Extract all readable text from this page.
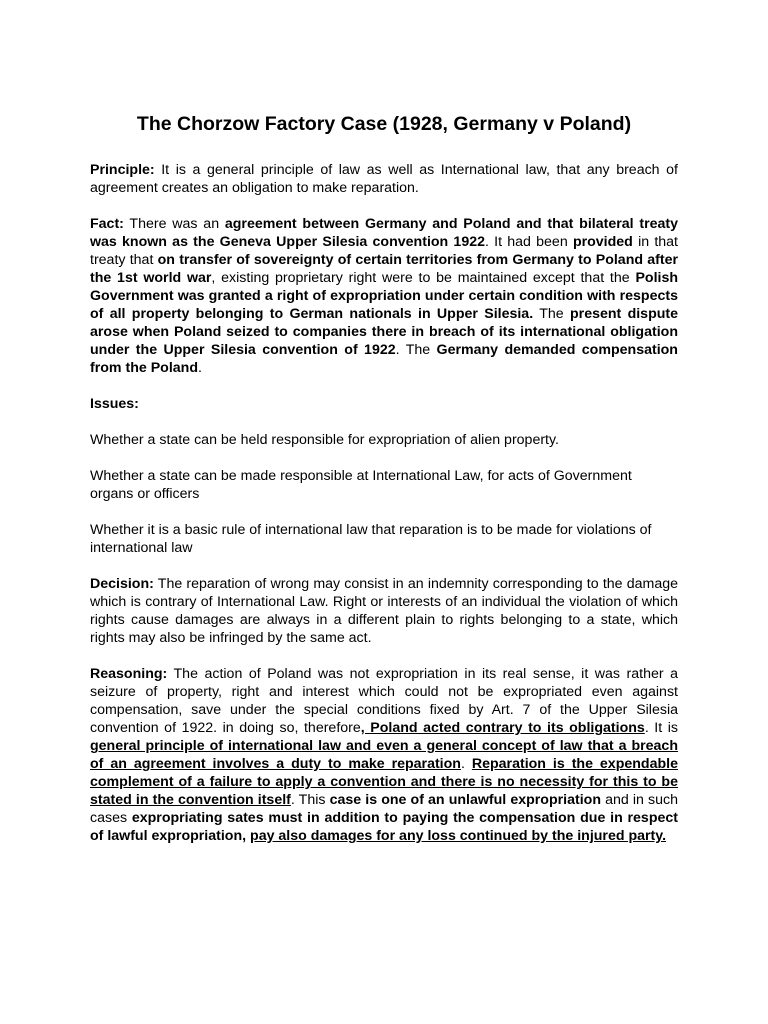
The Chorzow Factory Case (1928, Germany v Poland)

Principle: It is a general principle of law as well as International law, that any breach of agreement creates an obligation to make reparation.

Fact: There was an agreement between Germany and Poland and that bilateral treaty was known as the Geneva Upper Silesia convention 1922. It had been provided in that treaty that on transfer of sovereignty of certain territories from Germany to Poland after the 1st world war, existing proprietary right were to be maintained except that the Polish Government was granted a right of expropriation under certain condition with respects of all property belonging to German nationals in Upper Silesia. The present dispute arose when Poland seized to companies there in breach of its international obligation under the Upper Silesia convention of 1922. The Germany demanded compensation from the Poland.

Issues:

Whether a state can be held responsible for expropriation of alien property.

Whether a state can be made responsible at International Law, for acts of Government organs or officers

Whether it is a basic rule of international law that reparation is to be made for violations of international law

Decision: The reparation of wrong may consist in an indemnity corresponding to the damage which is contrary of International Law. Right or interests of an individual the violation of which rights cause damages are always in a different plain to rights belonging to a state, which rights may also be infringed by the same act.

Reasoning: The action of Poland was not expropriation in its real sense, it was rather a seizure of property, right and interest which could not be expropriated even against compensation, save under the special conditions fixed by Art. 7 of the Upper Silesia convention of 1922. in doing so, therefore, Poland acted contrary to its obligations. It is general principle of international law and even a general concept of law that a breach of an agreement involves a duty to make reparation. Reparation is the expendable complement of a failure to apply a convention and there is no necessity for this to be stated in the convention itself. This case is one of an unlawful expropriation and in such cases expropriating sates must in addition to paying the compensation due in respect of lawful expropriation, pay also damages for any loss continued by the injured party.
